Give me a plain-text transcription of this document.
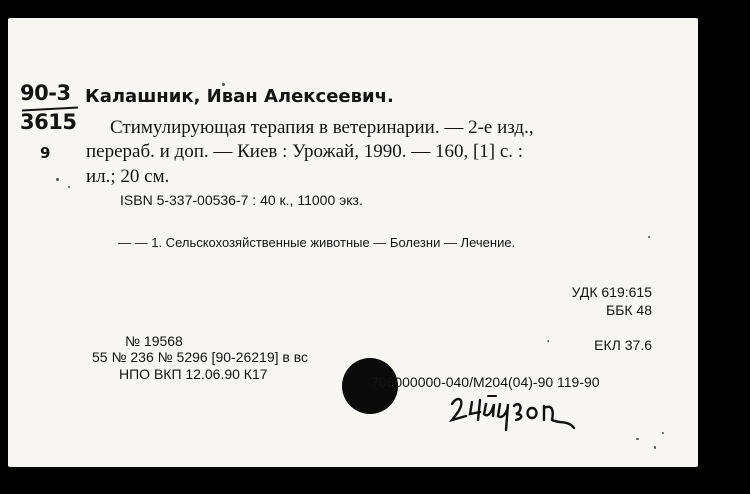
90-3
3615
9
Калашник, Иван Алексеевич.
Стимулирующая терапия в ветеринарии. — 2-е изд.,
перераб. и доп. — Киев : Урожай, 1990. — 160, [1] с. :
ил.; 20 см.
ISBN 5-337-00536-7 : 40 к., 11000 экз.
— — 1. Сельскохозяйственные животные — Болезни — Лечение.
УДК 619:615
ББК 48
·	ЕКЛ 37.6
№ 19568
55 № 236 № 5296 [90-26219] в вс
НПО ВКП 12.06.90 К17	706000000-040/М204(04)-90 119-90
